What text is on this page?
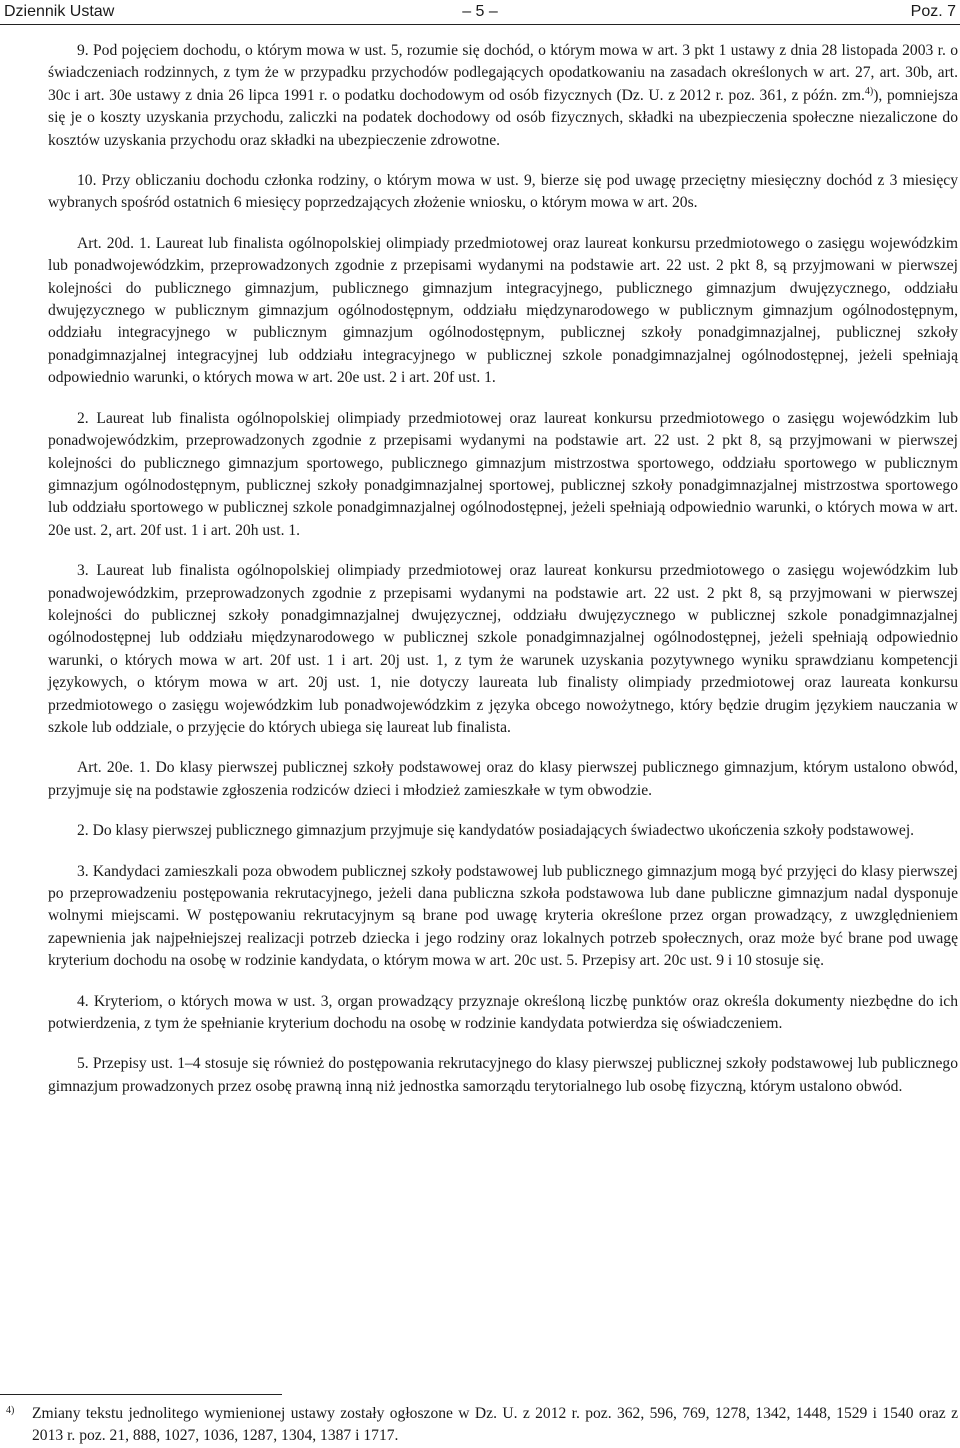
Dziennik Ustaw	– 5 –	Poz. 7

9. Pod pojęciem dochodu, o którym mowa w ust. 5, rozumie się dochód, o którym mowa w art. 3 pkt 1 ustawy z dnia 28 listopada 2003 r. o świadczeniach rodzinnych, z tym że w przypadku przychodów podlegających opodatkowaniu na zasadach określonych w art. 27, art. 30b, art. 30c i art. 30e ustawy z dnia 26 lipca 1991 r. o podatku dochodowym od osób fizycznych (Dz. U. z 2012 r. poz. 361, z późn. zm.$^{4)}$), pomniejsza się je o koszty uzyskania przychodu, zaliczki na podatek dochodowy od osób fizycznych, składki na ubezpieczenia społeczne niezaliczone do kosztów uzyskania przychodu oraz składki na ubezpieczenie zdrowotne.

10. Przy obliczaniu dochodu członka rodziny, o którym mowa w ust. 9, bierze się pod uwagę przeciętny miesięczny dochód z 3 miesięcy wybranych spośród ostatnich 6 miesięcy poprzedzających złożenie wniosku, o którym mowa w art. 20s.

Art. 20d. 1. Laureat lub finalista ogólnopolskiej olimpiady przedmiotowej oraz laureat konkursu przedmiotowego o zasięgu wojewódzkim lub ponadwojewódzkim, przeprowadzonych zgodnie z przepisami wydanymi na podstawie art. 22 ust. 2 pkt 8, są przyjmowani w pierwszej kolejności do publicznego gimnazjum, publicznego gimnazjum integracyjnego, publicznego gimnazjum dwujęzycznego, oddziału dwujęzycznego w publicznym gimnazjum ogólnodostępnym, oddziału międzynarodowego w publicznym gimnazjum ogólnodostępnym, oddziału integracyjnego w publicznym gimnazjum ogólnodostępnym, publicznej szkoły ponadgimnazjalnej, publicznej szkoły ponadgimnazjalnej integracyjnej lub oddziału integracyjnego w publicznej szkole ponadgimnazjalnej ogólnodostępnej, jeżeli spełniają odpowiednio warunki, o których mowa w art. 20e ust. 2 i art. 20f ust. 1.

2. Laureat lub finalista ogólnopolskiej olimpiady przedmiotowej oraz laureat konkursu przedmiotowego o zasięgu wojewódzkim lub ponadwojewódzkim, przeprowadzonych zgodnie z przepisami wydanymi na podstawie art. 22 ust. 2 pkt 8, są przyjmowani w pierwszej kolejności do publicznego gimnazjum sportowego, publicznego gimnazjum mistrzostwa sportowego, oddziału sportowego w publicznym gimnazjum ogólnodostępnym, publicznej szkoły ponadgimnazjalnej sportowej, publicznej szkoły ponadgimnazjalnej mistrzostwa sportowego lub oddziału sportowego w publicznej szkole ponadgimnazjalnej ogólnodostępnej, jeżeli spełniają odpowiednio warunki, o których mowa w art. 20e ust. 2, art. 20f ust. 1 i art. 20h ust. 1.

3. Laureat lub finalista ogólnopolskiej olimpiady przedmiotowej oraz laureat konkursu przedmiotowego o zasięgu wojewódzkim lub ponadwojewódzkim, przeprowadzonych zgodnie z przepisami wydanymi na podstawie art. 22 ust. 2 pkt 8, są przyjmowani w pierwszej kolejności do publicznej szkoły ponadgimnazjalnej dwujęzycznej, oddziału dwujęzycznego w publicznej szkole ponadgimnazjalnej ogólnodostępnej lub oddziału międzynarodowego w publicznej szkole ponadgimnazjalnej ogólnodostępnej, jeżeli spełniają odpowiednio warunki, o których mowa w art. 20f ust. 1 i art. 20j ust. 1, z tym że warunek uzyskania pozytywnego wyniku sprawdzianu kompetencji językowych, o którym mowa w art. 20j ust. 1, nie dotyczy laureata lub finalisty olimpiady przedmiotowej oraz laureata konkursu przedmiotowego o zasięgu wojewódzkim lub ponadwojewódzkim z języka obcego nowożytnego, który będzie drugim językiem nauczania w szkole lub oddziale, o przyjęcie do których ubiega się laureat lub finalista.

Art. 20e. 1. Do klasy pierwszej publicznej szkoły podstawowej oraz do klasy pierwszej publicznego gimnazjum, którym ustalono obwód, przyjmuje się na podstawie zgłoszenia rodziców dzieci i młodzież zamieszkałe w tym obwodzie.

2. Do klasy pierwszej publicznego gimnazjum przyjmuje się kandydatów posiadających świadectwo ukończenia szkoły podstawowej.

3. Kandydaci zamieszkali poza obwodem publicznej szkoły podstawowej lub publicznego gimnazjum mogą być przyjęci do klasy pierwszej po przeprowadzeniu postępowania rekrutacyjnego, jeżeli dana publiczna szkoła podstawowa lub dane publiczne gimnazjum nadal dysponuje wolnymi miejscami. W postępowaniu rekrutacyjnym są brane pod uwagę kryteria określone przez organ prowadzący, z uwzględnieniem zapewnienia jak najpełniejszej realizacji potrzeb dziecka i jego rodziny oraz lokalnych potrzeb społecznych, oraz może być brane pod uwagę kryterium dochodu na osobę w rodzinie kandydata, o którym mowa w art. 20c ust. 5. Przepisy art. 20c ust. 9 i 10 stosuje się.

4. Kryteriom, o których mowa w ust. 3, organ prowadzący przyznaje określoną liczbę punktów oraz określa dokumenty niezbędne do ich potwierdzenia, z tym że spełnianie kryterium dochodu na osobę w rodzinie kandydata potwierdza się oświadczeniem.

5. Przepisy ust. 1–4 stosuje się również do postępowania rekrutacyjnego do klasy pierwszej publicznej szkoły podstawowej lub publicznego gimnazjum prowadzonych przez osobę prawną inną niż jednostka samorządu terytorialnego lub osobę fizyczną, którym ustalono obwód.

4) Zmiany tekstu jednolitego wymienionej ustawy zostały ogłoszone w Dz. U. z 2012 r. poz. 362, 596, 769, 1278, 1342, 1448, 1529 i 1540 oraz z 2013 r. poz. 21, 888, 1027, 1036, 1287, 1304, 1387 i 1717.
